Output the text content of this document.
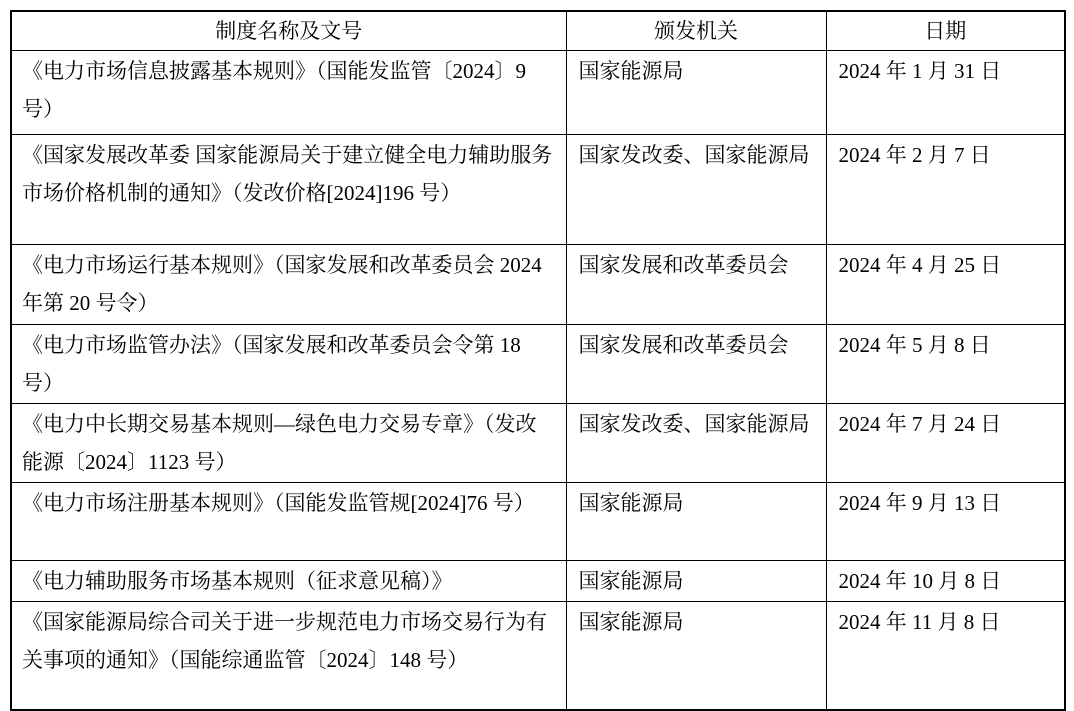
制度名称及文号	颁发机关	日期
《电力市场信息披露基本规则》（国能发监管〔2024〕9 号）	国家能源局	2024 年 1 月 31 日
《国家发展改革委 国家能源局关于建立健全电力辅助服务市场价格机制的通知》（发改价格[2024]196 号）	国家发改委、国家能源局	2024 年 2 月 7 日
《电力市场运行基本规则》（国家发展和改革委员会 2024 年第 20 号令）	国家发展和改革委员会	2024 年 4 月 25 日
《电力市场监管办法》（国家发展和改革委员会令第 18 号）	国家发展和改革委员会	2024 年 5 月 8 日
《电力中长期交易基本规则—绿色电力交易专章》（发改能源〔2024〕1123 号）	国家发改委、国家能源局	2024 年 7 月 24 日
《电力市场注册基本规则》（国能发监管规[2024]76 号）	国家能源局	2024 年 9 月 13 日
《电力辅助服务市场基本规则（征求意见稿）》	国家能源局	2024 年 10 月 8 日
《国家能源局综合司关于进一步规范电力市场交易行为有关事项的通知》（国能综通监管〔2024〕148 号）	国家能源局	2024 年 11 月 8 日
